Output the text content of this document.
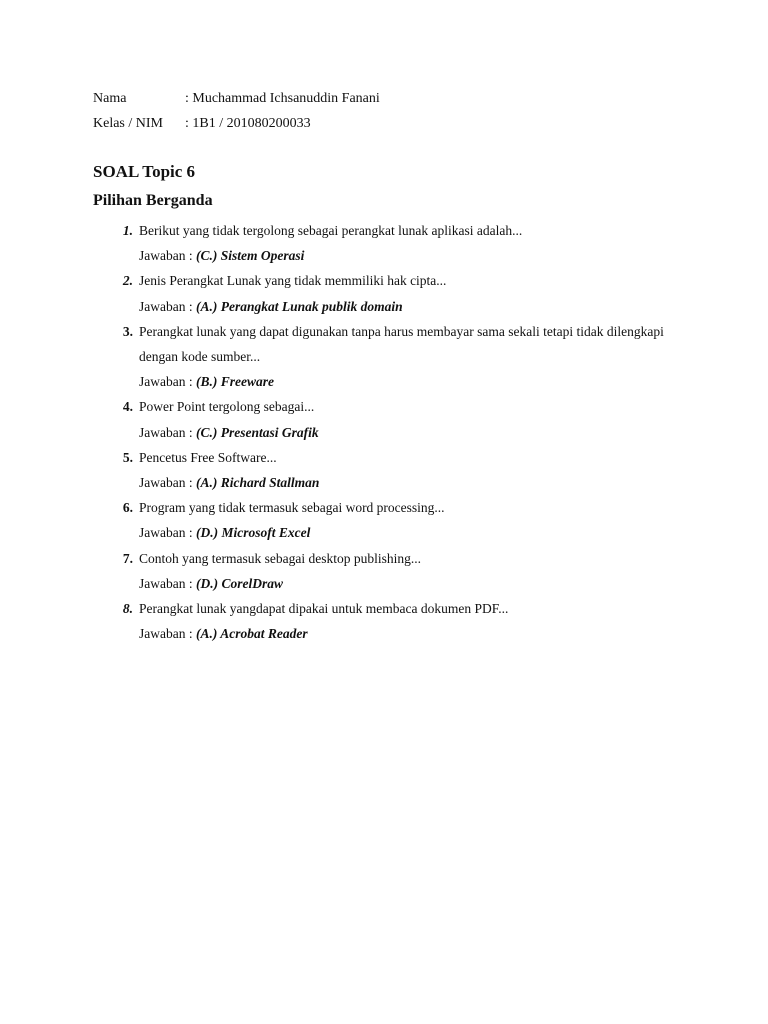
Nama	: Muchammad Ichsanuddin Fanani
Kelas / NIM	: 1B1 / 201080200033
SOAL Topic 6
Pilihan Berganda
1. Berikut yang tidak tergolong sebagai perangkat lunak aplikasi adalah...
Jawaban : (C.) Sistem Operasi
2. Jenis Perangkat Lunak yang tidak memmiliki hak cipta...
Jawaban : (A.) Perangkat Lunak publik domain
3. Perangkat lunak yang dapat digunakan tanpa harus membayar sama sekali tetapi tidak dilengkapi dengan kode sumber...
Jawaban : (B.) Freeware
4. Power Point tergolong sebagai...
Jawaban : (C.) Presentasi Grafik
5. Pencetus Free Software...
Jawaban : (A.) Richard Stallman
6. Program yang tidak termasuk sebagai word processing...
Jawaban : (D.) Microsoft Excel
7. Contoh yang termasuk sebagai desktop publishing...
Jawaban : (D.) CorelDraw
8. Perangkat lunak yangdapat dipakai untuk membaca dokumen PDF...
Jawaban : (A.) Acrobat Reader
